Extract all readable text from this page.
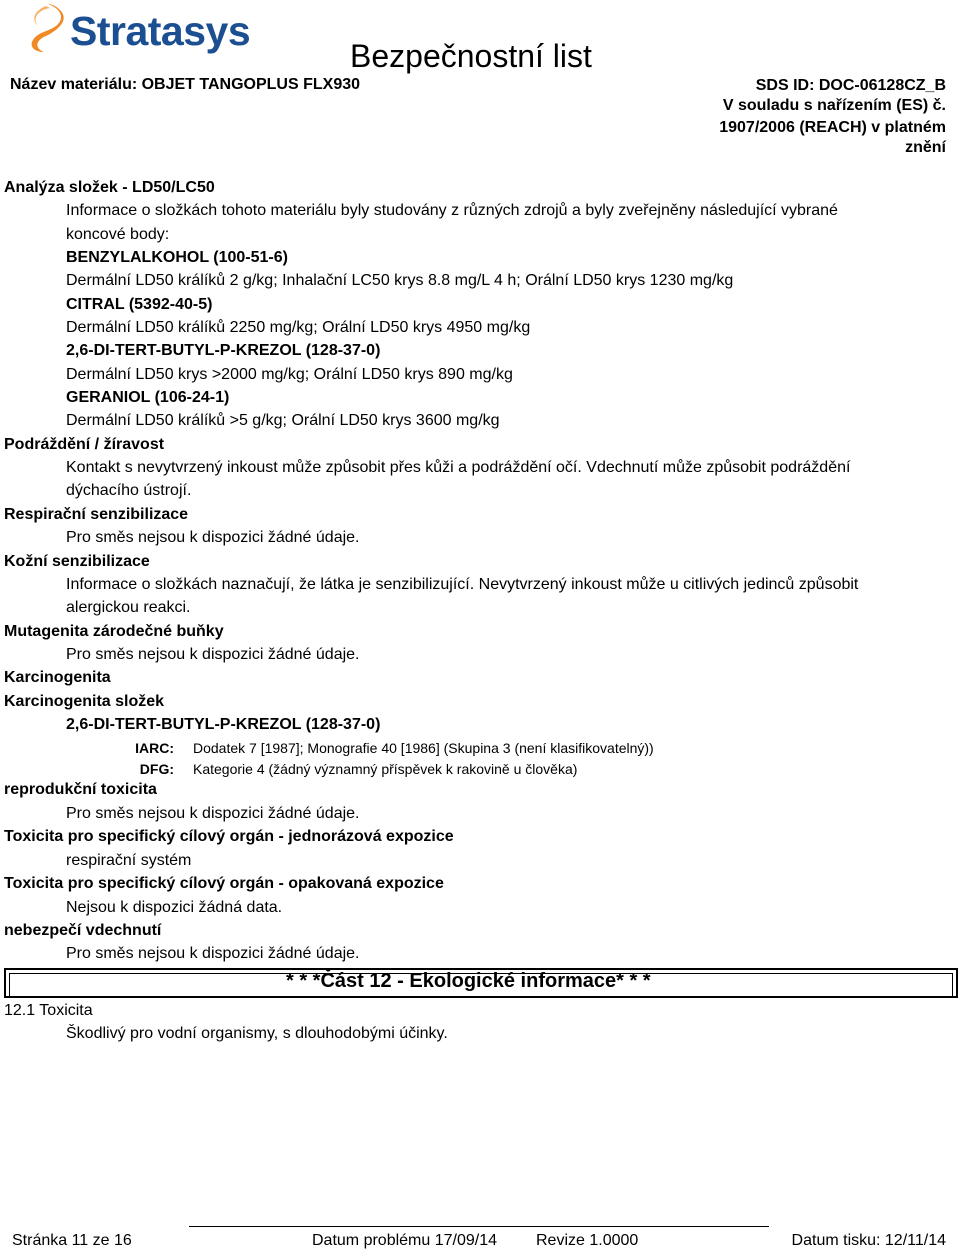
Stratasys
Bezpečnostní list
Název materiálu: OBJET TANGOPLUS FLX930	SDS ID: DOC-06128CZ_B
V souladu s nařízením (ES) č.
1907/2006 (REACH) v platném
znění
Analýza složek - LD50/LC50
Informace o složkách tohoto materiálu byly studovány z různých zdrojů a byly zveřejněny následující vybrané
koncové body:
BENZYLALKOHOL (100-51-6)
Dermální LD50 králíků 2 g/kg; Inhalační LC50 krys 8.8 mg/L 4 h; Orální LD50 krys 1230 mg/kg
CITRAL (5392-40-5)
Dermální LD50 králíků 2250 mg/kg; Orální LD50 krys 4950 mg/kg
2,6-DI-TERT-BUTYL-P-KREZOL (128-37-0)
Dermální LD50 krys >2000 mg/kg; Orální LD50 krys 890 mg/kg
GERANIOL (106-24-1)
Dermální LD50 králíků >5 g/kg; Orální LD50 krys 3600 mg/kg
Podráždění / žíravost
Kontakt s nevytvrzený inkoust může způsobit přes kůži a podráždění očí. Vdechnutí může způsobit podráždění
dýchacího ústrojí.
Respirační senzibilizace
Pro směs nejsou k dispozici žádné údaje.
Kožní senzibilizace
Informace o složkách naznačují, že látka je senzibilizující. Nevytvrzený inkoust může u citlivých jedinců způsobit
alergickou reakci.
Mutagenita zárodečné buňky
Pro směs nejsou k dispozici žádné údaje.
Karcinogenita
Karcinogenita složek
2,6-DI-TERT-BUTYL-P-KREZOL (128-37-0)
IARC: Dodatek 7 [1987]; Monografie 40 [1986] (Skupina 3 (není klasifikovatelný))
DFG: Kategorie 4 (žádný významný příspěvek k rakovině u člověka)
reprodukční toxicita
Pro směs nejsou k dispozici žádné údaje.
Toxicita pro specifický cílový orgán - jednorázová expozice
respirační systém
Toxicita pro specifický cílový orgán - opakovaná expozice
Nejsou k dispozici žádná data.
nebezpečí vdechnutí
Pro směs nejsou k dispozici žádné údaje.
* * *Část 12 - Ekologické informace* * *
12.1 Toxicita
Škodlivý pro vodní organismy, s dlouhodobými účinky.
Stránka 11 ze 16	Datum problému 17/09/14 Revize 1.0000	Datum tisku: 12/11/14
